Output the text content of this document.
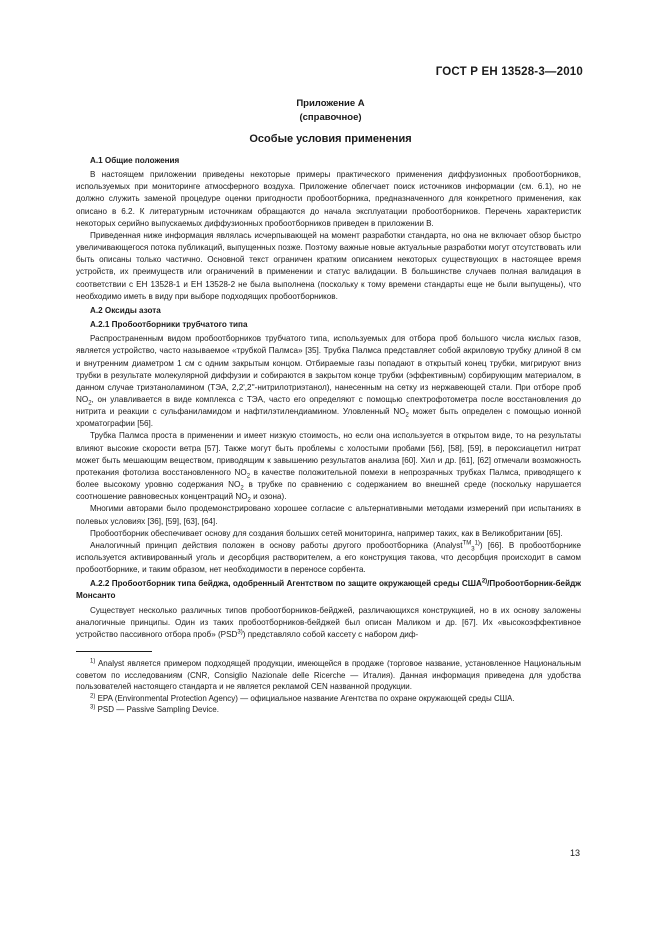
ГОСТ Р ЕН 13528-3—2010
Приложение А
(справочное)
Особые условия применения

А.1 Общие положения

В настоящем приложении приведены некоторые примеры практического применения диффузионных пробоотборников, используемых при мониторинге атмосферного воздуха. Приложение облегчает поиск источников информации (см. 6.1), но не должно служить заменой процедуре оценки пригодности пробоотборника, предназначенного для конкретного применения, как описано в 6.2. К литературным источникам обращаются до начала эксплуатации пробоотборников. Перечень характеристик некоторых серийно выпускаемых диффузионных пробоотборников приведен в приложении В.

Приведенная ниже информация являлась исчерпывающей на момент разработки стандарта, но она не включает обзор быстро увеличивающегося потока публикаций, выпущенных позже. Поэтому важные новые актуальные разработки могут отсутствовать или быть описаны только частично. Основной текст ограничен кратким описанием некоторых существующих в настоящее время устройств, их преимуществ или ограничений в применении и статус валидации. В большинстве случаев полная валидация в соответствии с ЕН 13528-1 и ЕН 13528-2 не была выполнена (поскольку к тому времени стандарты еще не были выпущены), что необходимо иметь в виду при выборе подходящих пробоотборников.

А.2 Оксиды азота

А.2.1 Пробоотборники трубчатого типа

Распространенным видом пробоотборников трубчатого типа, используемых для отбора проб большого числа кислых газов, является устройство, часто называемое «трубкой Палмса» [35]. Трубка Палмса представляет собой акриловую трубку длиной 8 см и внутренним диаметром 1 см с одним закрытым концом. Отбираемые газы попадают в открытый конец трубки, мигрируют вниз трубки в результате молекулярной диффузии и собираются в закрытом конце трубки (эффективным) сорбирующим материалом, в данном случае триэтаноламином (ТЭА, 2,2',2''-нитрилотриэтанол), нанесенным на сетку из нержавеющей стали. При отборе проб $NO_2$, он улавливается в виде комплекса с ТЭА, часто его определяют с помощью спектрофотометра после восстановления до нитрита и реакции с сульфаниламидом и нафтилэтилендиамином. Уловленный $NO_2$ может быть определен с помощью ионной хроматографии [56].

Трубка Палмса проста в применении и имеет низкую стоимость, но если она используется в открытом виде, то на результаты влияют высокие скорости ветра [57]. Также могут быть проблемы с холостыми пробами [56], [58], [59], в пероксиацетил нитрат может быть мешающим веществом, приводящим к завышению результатов анализа [60]. Хил и др. [61], [62] отмечали возможность протекания фотолиза восстановленного $NO_2$ в качестве положительной помехи в непрозрачных трубках Палмса, приводящего к более высокому уровню содержания $NO_2$ в трубке по сравнению с содержанием во внешней среде (поскольку нарушается соотношение равновесных концентраций $NO_2$ и озона).

Многими авторами было продемонстрировано хорошее согласие с альтернативными методами измерений при испытаниях в полевых условиях [36], [59], [63], [64].

Пробоотборник обеспечивает основу для создания больших сетей мониторинга, например таких, как в Великобритании [65].

Аналогичный принцип действия положен в основу работы другого пробоотборника (Analyst™$_3^{1)}$) [66]. В пробоотборнике используется активированный уголь и десорбция растворителем, а его конструкция такова, что десорбция происходит в самом пробоотборнике, и таким образом, нет необходимости в переносе сорбента.

А.2.2 Пробоотборник типа бейджа, одобренный Агентством по защите окружающей среды США$^{2)}$/Пробоотборник-бейдж Монсанто

Существует несколько различных типов пробоотборников-бейджей, различающихся конструкцией, но в их основу заложены аналогичные принципы. Один из таких пробоотборников-бейджей был описан Маликом и др. [67]. Их «высокоэффективное устройство пассивного отбора проб» (PSD$^{3)}$) представляло собой кассету с набором диф-

$^{1)}$ Analyst является примером подходящей продукции, имеющейся в продаже (торговое название, установленное Национальным советом по исследованиям (CNR, Consiglio Nazionale delle Ricerche — Италия). Данная информация приведена для удобства пользователей настоящего стандарта и не является рекламой CEN названной продукции.

$^{2)}$ EPA (Environmental Protection Agency) — официальное название Агентства по охране окружающей среды США.

$^{3)}$ PSD — Passive Sampling Device.

13
